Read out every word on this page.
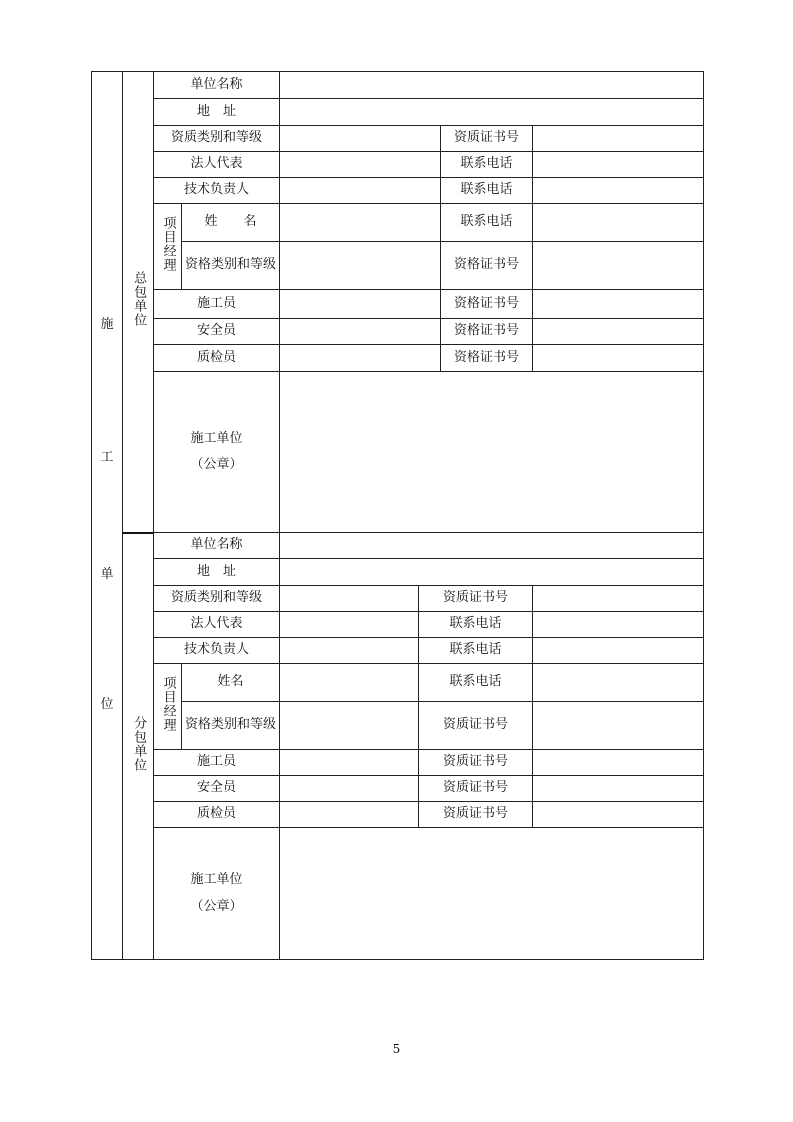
施
工
单
位	总包单位	单位名称					
		地　址					
		资质类别和等级				资质证书号	
		法人代表				联系电话	
		技术负责人				联系电话	
		项目经理	姓　　名			联系电话	
			资格类别和等级			资格证书号	
		施工员				资格证书号	
		安全员				资格证书号	
		质检员				资格证书号	

		施工单位
（公章）					

	分包单位	单位名称					
		地　址					
		资质类别和等级			资质证书号		
		法人代表			联系电话		
		技术负责人			联系电话		
		项目经理	姓名		联系电话		
			资格类别和等级		资质证书号		
		施工员			资质证书号		
		安全员			资质证书号		
		质检员			资质证书号		

		施工单位
（公章）					

5
